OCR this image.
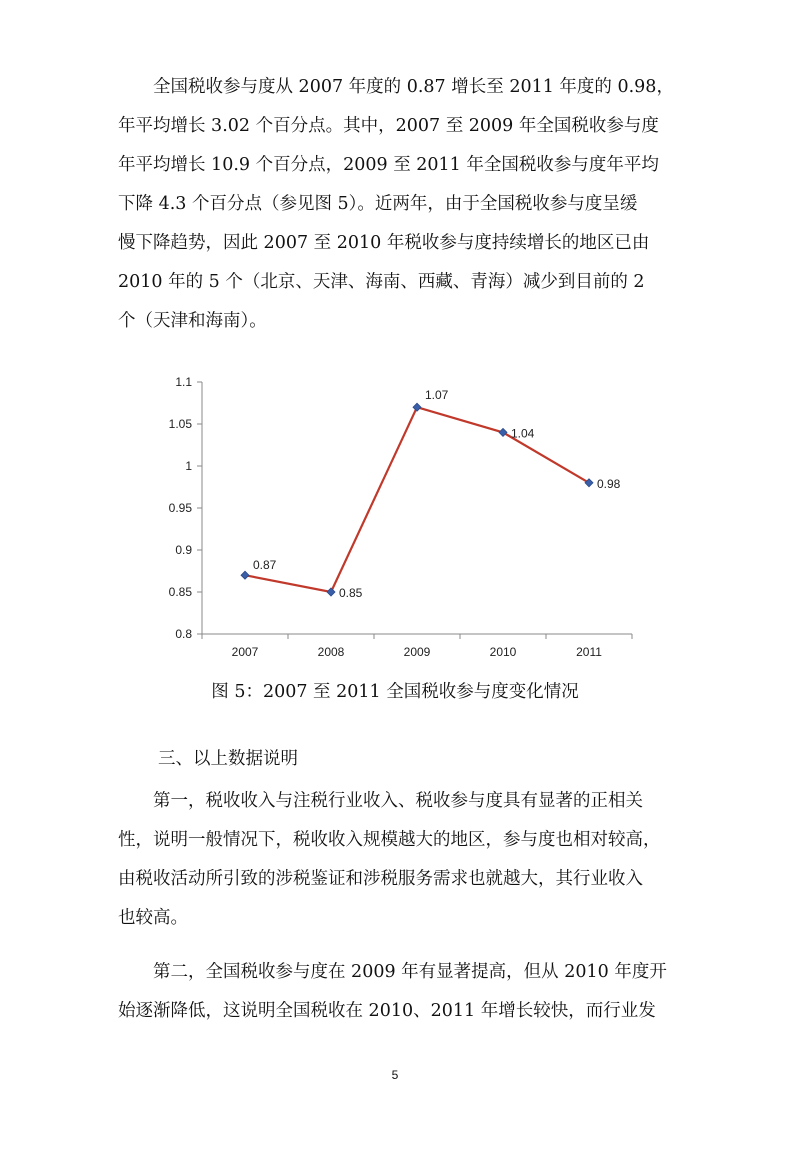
　　全国税收参与度从 2007 年度的 0.87 增长至 2011 年度的 0.98，
年平均增长 3.02 个百分点。其中，2007 至 2009 年全国税收参与度
年平均增长 10.9 个百分点，2009 至 2011 年全国税收参与度年平均
下降 4.3 个百分点（参见图 5）。近两年，由于全国税收参与度呈缓
慢下降趋势，因此 2007 至 2010 年税收参与度持续增长的地区已由
2010 年的 5 个（北京、天津、海南、西藏、青海）减少到目前的 2
个（天津和海南）。
1.1
1.05
1
0.95
0.9
0.85
0.8
2007	2008	2009	2010	2011
0.87
0.85
1.07
1.04
0.98

图 5：2007 至 2011 全国税收参与度变化情况

三、以上数据说明

　　第一，税收收入与注税行业收入、税收参与度具有显著的正相关
性，说明一般情况下，税收收入规模越大的地区，参与度也相对较高，
由税收活动所引致的涉税鉴证和涉税服务需求也就越大，其行业收入
也较高。
　　第二，全国税收参与度在 2009 年有显著提高，但从 2010 年度开
始逐渐降低，这说明全国税收在 2010、2011 年增长较快，而行业发
5
